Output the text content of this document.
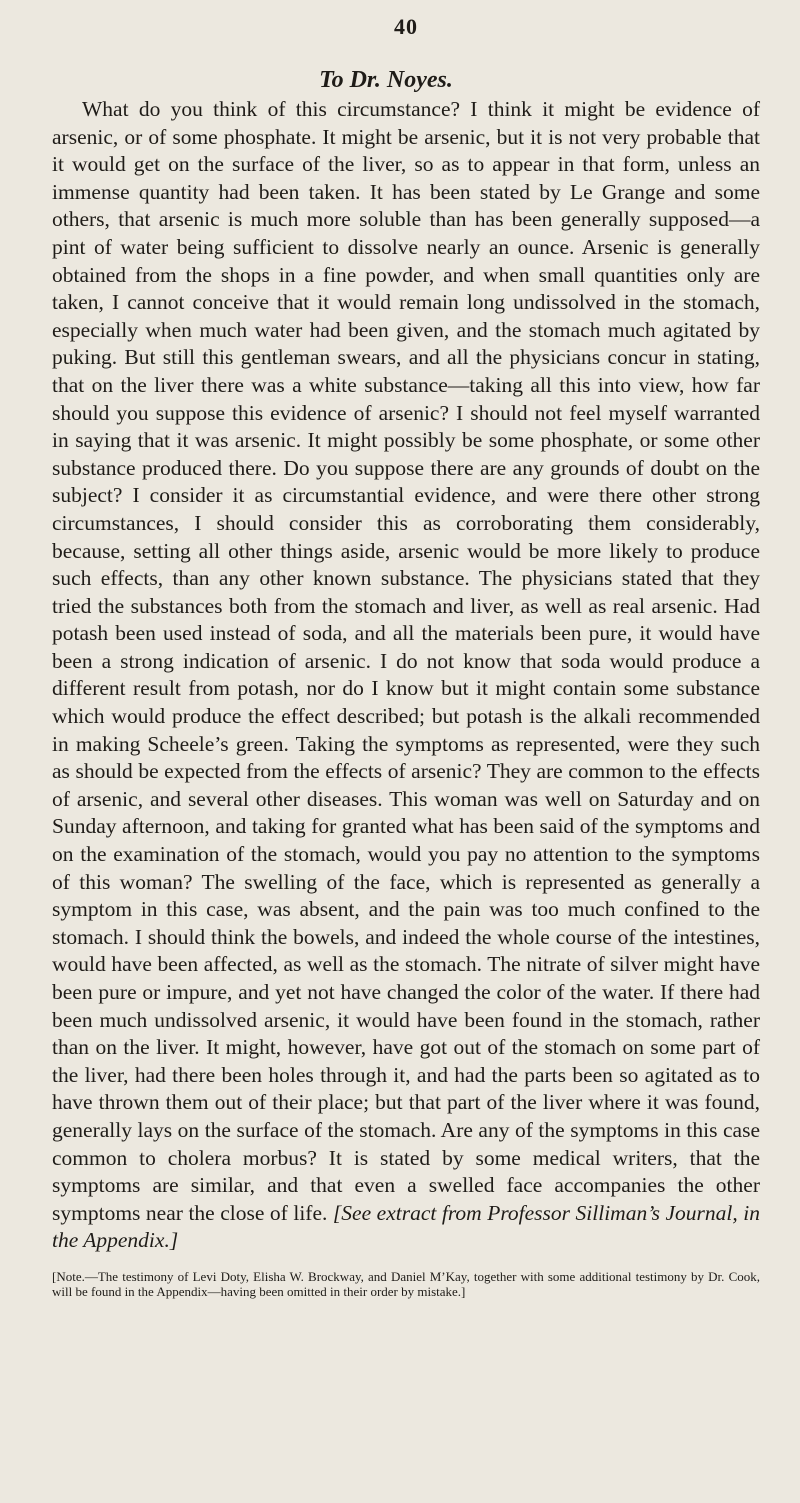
40
To Dr. Noyes.

What do you think of this circumstance? I think it might be evidence of arsenic, or of some phosphate. It might be arsenic, but it is not very probable that it would get on the surface of the liver, so as to appear in that form, unless an immense quantity had been taken. It has been stated by Le Grange and some others, that arsenic is much more soluble than has been generally supposed—a pint of water being sufficient to dissolve nearly an ounce. Arsenic is generally obtained from the shops in a fine powder, and when small quantities only are taken, I cannot conceive that it would remain long undissolved in the stomach, especially when much water had been given, and the stomach much agitated by puking. But still this gentleman swears, and all the physicians concur in stating, that on the liver there was a white substance—taking all this into view, how far should you suppose this evidence of arsenic? I should not feel myself warranted in saying that it was arsenic. It might possibly be some phosphate, or some other substance produced there. Do you suppose there are any grounds of doubt on the subject? I consider it as circumstantial evidence, and were there other strong circumstances, I should consider this as corroborating them considerably, because, setting all other things aside, arsenic would be more likely to produce such effects, than any other known substance. The physicians stated that they tried the substances both from the stomach and liver, as well as real arsenic. Had potash been used instead of soda, and all the materials been pure, it would have been a strong indication of arsenic. I do not know that soda would produce a different result from potash, nor do I know but it might contain some substance which would produce the effect described; but potash is the alkali recommended in making Scheele’s green. Taking the symptoms as represented, were they such as should be expected from the effects of arsenic? They are common to the effects of arsenic, and several other diseases. This woman was well on Saturday and on Sunday afternoon, and taking for granted what has been said of the symptoms and on the examination of the stomach, would you pay no attention to the symptoms of this woman? The swelling of the face, which is represented as generally a symptom in this case, was absent, and the pain was too much confined to the stomach. I should think the bowels, and indeed the whole course of the intestines, would have been affected, as well as the stomach. The nitrate of silver might have been pure or impure, and yet not have changed the color of the water. If there had been much undissolved arsenic, it would have been found in the stomach, rather than on the liver. It might, however, have got out of the stomach on some part of the liver, had there been holes through it, and had the parts been so agitated as to have thrown them out of their place; but that part of the liver where it was found, generally lays on the surface of the stomach. Are any of the symptoms in this case common to cholera morbus? It is stated by some medical writers, that the symptoms are similar, and that even a swelled face accompanies the other symptoms near the close of life. [See extract from Professor Silliman’s Journal, in the Appendix.]

[Note.—The testimony of Levi Doty, Elisha W. Brockway, and Daniel M’Kay, together with some additional testimony by Dr. Cook, will be found in the Appendix—having been omitted in their order by mistake.]
